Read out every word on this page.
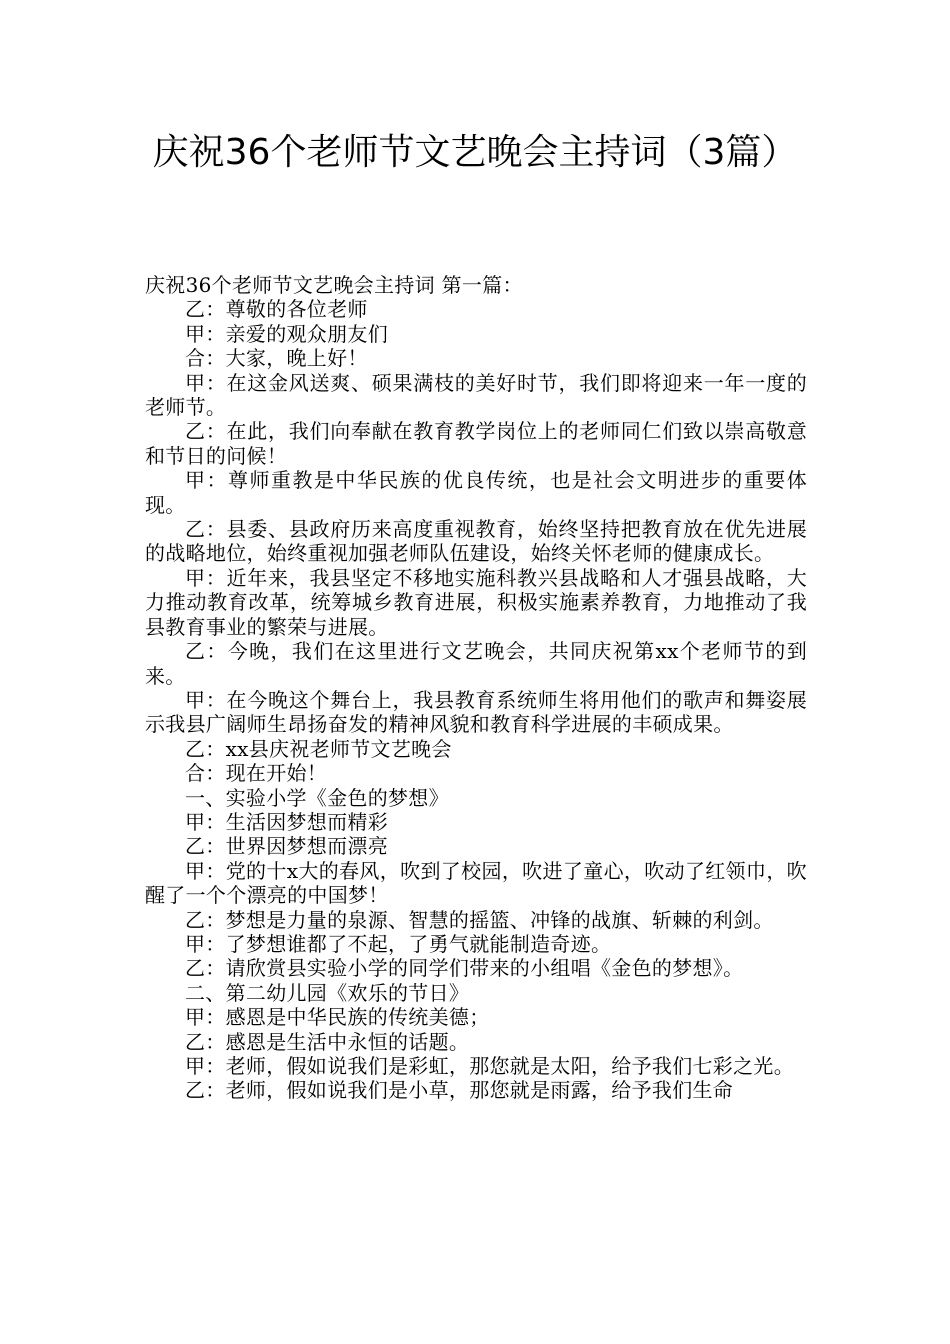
庆祝36个老师节文艺晚会主持词（3篇）

庆祝36个老师节文艺晚会主持词 第一篇：

乙：尊敬的各位老师

甲：亲爱的观众朋友们

合：大家，晚上好！

甲：在这金风送爽、硕果满枝的美好时节，我们即将迎来一年一度的老师节。

乙：在此，我们向奉献在教育教学岗位上的老师同仁们致以崇高敬意和节日的问候！

甲：尊师重教是中华民族的优良传统，也是社会文明进步的重要体现。

乙：县委、县政府历来高度重视教育，始终坚持把教育放在优先进展的战略地位，始终重视加强老师队伍建设，始终关怀老师的健康成长。

甲：近年来，我县坚定不移地实施科教兴县战略和人才强县战略，大力推动教育改革，统筹城乡教育进展，积极实施素养教育，力地推动了我县教育事业的繁荣与进展。

乙：今晚，我们在这里进行文艺晚会，共同庆祝第xx个老师节的到来。

甲：在今晚这个舞台上，我县教育系统师生将用他们的歌声和舞姿展示我县广阔师生昂扬奋发的精神风貌和教育科学进展的丰硕成果。

乙：xx县庆祝老师节文艺晚会

合：现在开始！

一、实验小学《金色的梦想》

甲：生活因梦想而精彩

乙：世界因梦想而漂亮

甲：党的十x大的春风，吹到了校园，吹进了童心，吹动了红领巾，吹醒了一个个漂亮的中国梦！

乙：梦想是力量的泉源、智慧的摇篮、冲锋的战旗、斩棘的利剑。

甲：了梦想谁都了不起，了勇气就能制造奇迹。

乙：请欣赏县实验小学的同学们带来的小组唱《金色的梦想》。

二、第二幼儿园《欢乐的节日》

甲：感恩是中华民族的传统美德；

乙：感恩是生活中永恒的话题。

甲：老师，假如说我们是彩虹，那您就是太阳，给予我们七彩之光。

乙：老师，假如说我们是小草，那您就是雨露，给予我们生命
